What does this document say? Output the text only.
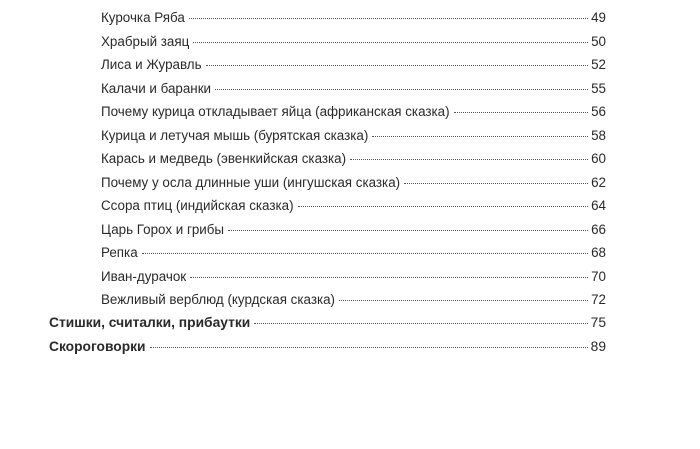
Курочка Ряба	49
Храбрый заяц	50
Лиса и Журавль	52
Калачи и баранки	55
Почему курица откладывает яйца (африканская сказка)	56
Курица и летучая мышь (бурятская сказка)	58
Карась и медведь (эвенкийская сказка)	60
Почему у осла длинные уши (ингушская сказка)	62
Ссора птиц (индийская сказка)	64
Царь Горох и грибы	66
Репка	68
Иван-дурачок	70
Вежливый верблюд (курдская сказка)	72
Стишки, считалки, прибаутки	75
Скороговорки	89
